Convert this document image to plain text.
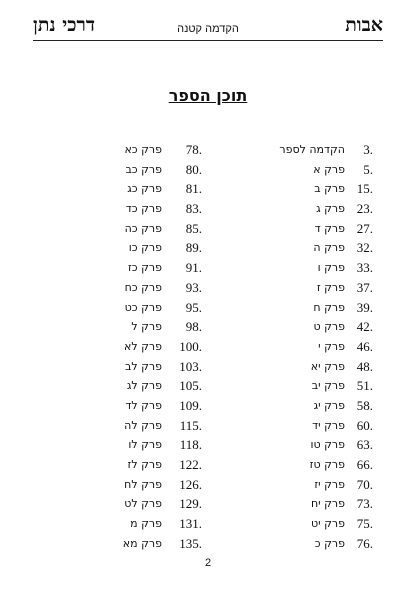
דרכי נתן	הקדמה קטנה	אבות
תוכן הספר
3.
הקדמה לספר
5.
פרק א
15.
פרק ב
23.
פרק ג
27.
פרק ד
32.
פרק ה
33.
פרק ו
37.
פרק ז
39.
פרק ח
42.
פרק ט
46.
פרק י
48.
פרק יא
51.
פרק יב
58.
פרק יג
60.
פרק יד
63.
פרק טו
66.
פרק טז
70.
פרק יז
73.
פרק יח
75.
פרק יט
76.
פרק כ
78.
פרק כא
80.
פרק כב
81.
פרק כג
83.
פרק כד
85.
פרק כה
89.
פרק כו
91.
פרק כז
93.
פרק כח
95.
פרק כט
98.
פרק ל
100.
פרק לא
103.
פרק לב
105.
פרק לג
109.
פרק לד
115.
פרק לה
118.
פרק לו
122.
פרק לז
126.
פרק לח
129.
פרק לט
131.
פרק מ
135.
פרק מא
2
